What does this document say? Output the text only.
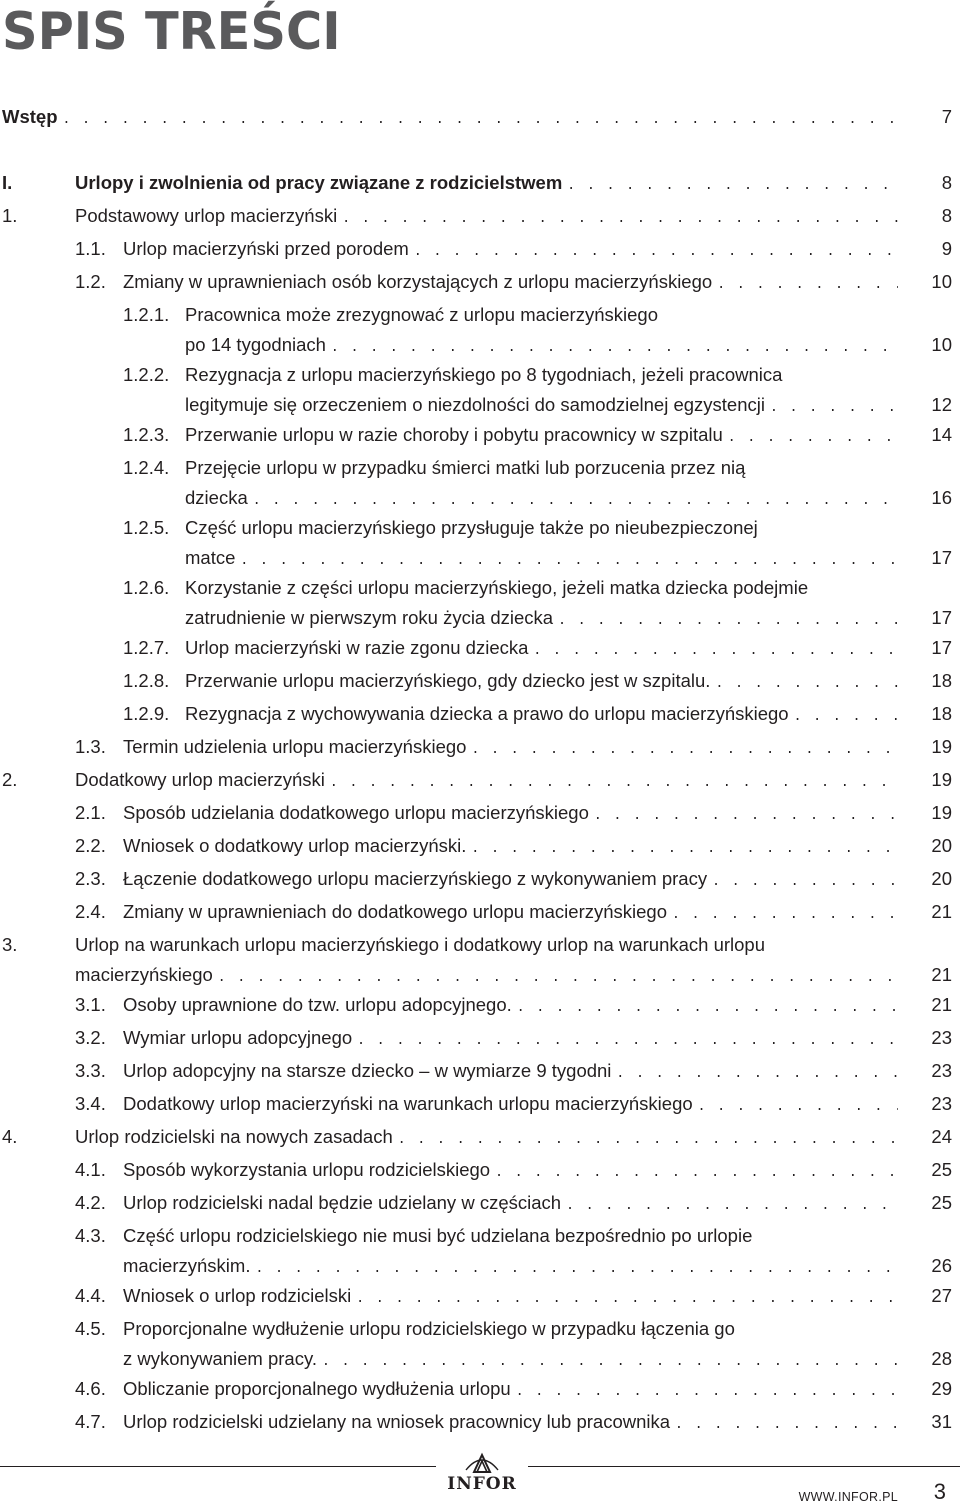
SPIS TREŚCI
Wstęp . . .	7
I.	Urlopy i zwolnienia od pracy związane z rodzicielstwem . . .	8
1.	Podstawowy urlop macierzyński . . .	8
1.1. Urlop macierzyński przed porodem . . .	9
1.2. Zmiany w uprawnieniach osób korzystających z urlopu macierzyńskiego . . .	10
1.2.1. Pracownica może zrezygnować z urlopu macierzyńskiego
po 14 tygodniach . . .	10
1.2.2. Rezygnacja z urlopu macierzyńskiego po 8 tygodniach, jeżeli pracownica
legitymuje się orzeczeniem o niezdolności do samodzielnej egzystencji . . .	12
1.2.3. Przerwanie urlopu w razie choroby i pobytu pracownicy w szpitalu . . .	14
1.2.4. Przejęcie urlopu w przypadku śmierci matki lub porzucenia przez nią
dziecka . . .	16
1.2.5. Część urlopu macierzyńskiego przysługuje także po nieubezpieczonej
matce . . .	17
1.2.6. Korzystanie z części urlopu macierzyńskiego, jeżeli matka dziecka podejmie
zatrudnienie w pierwszym roku życia dziecka . . .	17
1.2.7. Urlop macierzyński w razie zgonu dziecka . . .	17
1.2.8. Przerwanie urlopu macierzyńskiego, gdy dziecko jest w szpitalu. . . .	18
1.2.9. Rezygnacja z wychowywania dziecka a prawo do urlopu macierzyńskiego . . .	18
1.3. Termin udzielenia urlopu macierzyńskiego . . .	19
2.	Dodatkowy urlop macierzyński . . .	19
2.1. Sposób udzielania dodatkowego urlopu macierzyńskiego . . .	19
2.2. Wniosek o dodatkowy urlop macierzyński. . . .	20
2.3. Łączenie dodatkowego urlopu macierzyńskiego z wykonywaniem pracy . . .	20
2.4. Zmiany w uprawnieniach do dodatkowego urlopu macierzyńskiego . . .	21
3.	Urlop na warunkach urlopu macierzyńskiego i dodatkowy urlop na warunkach urlopu
macierzyńskiego . . .	21
3.1. Osoby uprawnione do tzw. urlopu adopcyjnego. . . .	21
3.2. Wymiar urlopu adopcyjnego . . .	23
3.3. Urlop adopcyjny na starsze dziecko – w wymiarze 9 tygodni . . .	23
3.4. Dodatkowy urlop macierzyński na warunkach urlopu macierzyńskiego . . .	23
4.	Urlop rodzicielski na nowych zasadach . . .	24
4.1. Sposób wykorzystania urlopu rodzicielskiego . . .	25
4.2. Urlop rodzicielski nadal będzie udzielany w częściach . . .	25
4.3. Część urlopu rodzicielskiego nie musi być udzielana bezpośrednio po urlopie
macierzyńskim. . . .	26
4.4. Wniosek o urlop rodzicielski . . .	27
4.5. Proporcjonalne wydłużenie urlopu rodzicielskiego w przypadku łączenia go
z wykonywaniem pracy. . . .	28
4.6. Obliczanie proporcjonalnego wydłużenia urlopu . . .	29
4.7. Urlop rodzicielski udzielany na wniosek pracownicy lub pracownika . . .	31
INFOR
WWW.INFOR.PL 3
